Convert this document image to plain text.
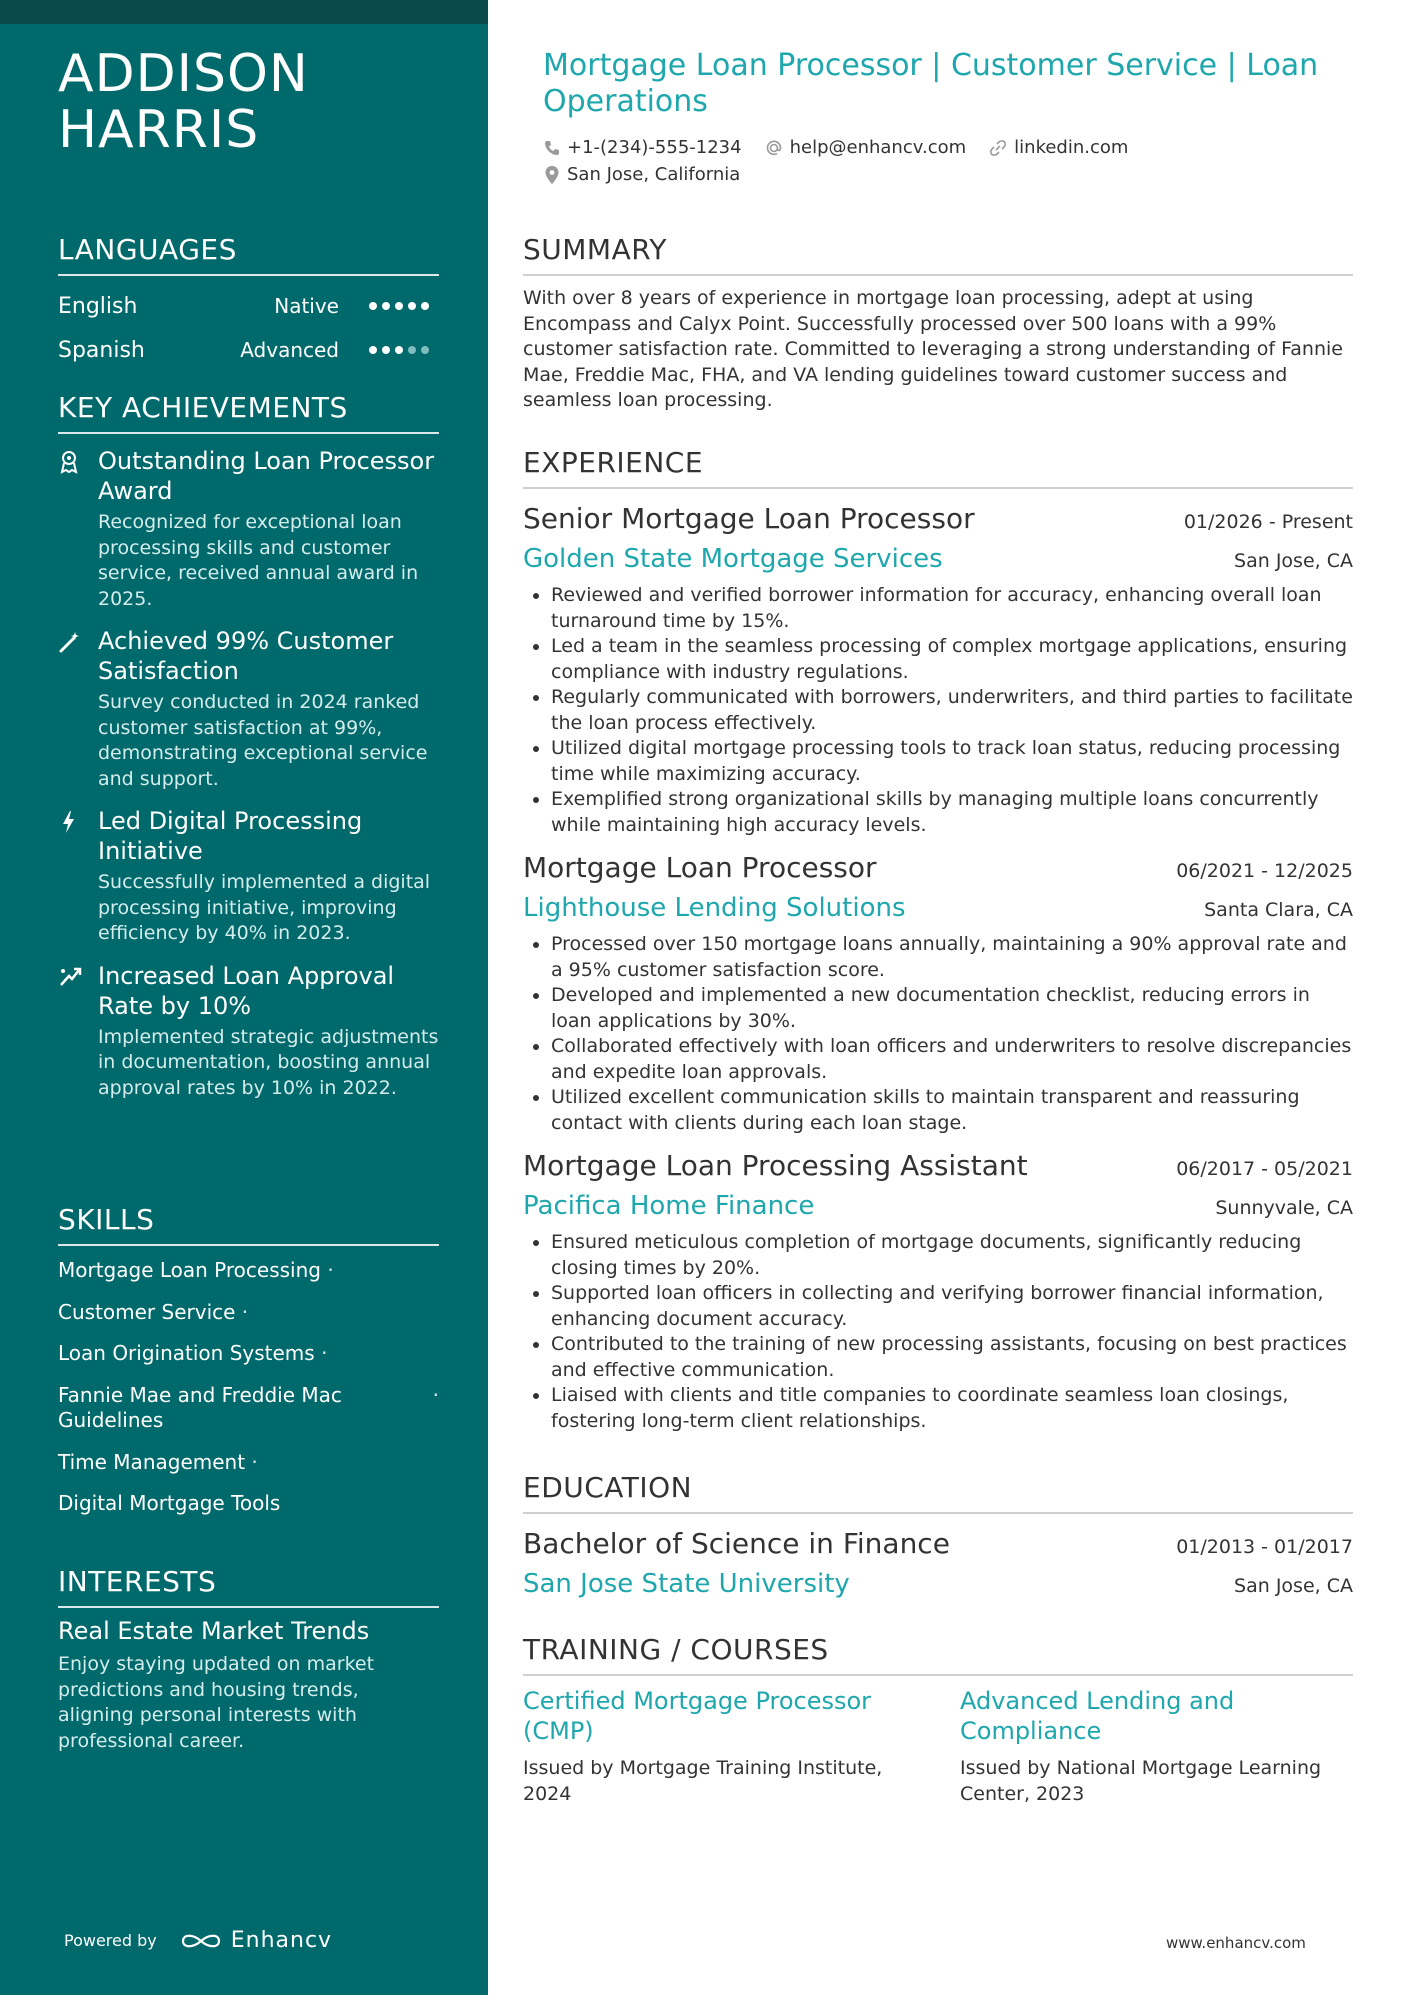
ADDISON
HARRIS
LANGUAGES
English	Native
Spanish	Advanced
KEY ACHIEVEMENTS
Outstanding Loan Processor Award
Recognized for exceptional loan processing skills and customer service, received annual award in 2025.
Achieved 99% Customer Satisfaction
Survey conducted in 2024 ranked customer satisfaction at 99%, demonstrating exceptional service and support.
Led Digital Processing Initiative
Successfully implemented a digital processing initiative, improving efficiency by 40% in 2023.
Increased Loan Approval Rate by 10%
Implemented strategic adjustments in documentation, boosting annual approval rates by 10% in 2022.
SKILLS
Mortgage Loan Processing ·
Customer Service ·
Loan Origination Systems ·
Fannie Mae and Freddie Mac Guidelines
·
Time Management ·
Digital Mortgage Tools
INTERESTS
Real Estate Market Trends
Enjoy staying updated on market predictions and housing trends, aligning personal interests with professional career.
Powered by	Enhancv
Mortgage Loan Processor | Customer Service | Loan Operations
+1-(234)-555-1234	help@enhancv.com	linkedin.com
San Jose, California
SUMMARY
With over 8 years of experience in mortgage loan processing, adept at using Encompass and Calyx Point. Successfully processed over 500 loans with a 99% customer satisfaction rate. Committed to leveraging a strong understanding of Fannie Mae, Freddie Mac, FHA, and VA lending guidelines toward customer success and seamless loan processing.
EXPERIENCE
Senior Mortgage Loan Processor	01/2026 - Present
Golden State Mortgage Services	San Jose, CA
• Reviewed and verified borrower information for accuracy, enhancing overall loan turnaround time by 15%.
• Led a team in the seamless processing of complex mortgage applications, ensuring compliance with industry regulations.
• Regularly communicated with borrowers, underwriters, and third parties to facilitate the loan process effectively.
• Utilized digital mortgage processing tools to track loan status, reducing processing time while maximizing accuracy.
• Exemplified strong organizational skills by managing multiple loans concurrently while maintaining high accuracy levels.
Mortgage Loan Processor	06/2021 - 12/2025
Lighthouse Lending Solutions	Santa Clara, CA
• Processed over 150 mortgage loans annually, maintaining a 90% approval rate and a 95% customer satisfaction score.
• Developed and implemented a new documentation checklist, reducing errors in loan applications by 30%.
• Collaborated effectively with loan officers and underwriters to resolve discrepancies and expedite loan approvals.
• Utilized excellent communication skills to maintain transparent and reassuring contact with clients during each loan stage.
Mortgage Loan Processing Assistant	06/2017 - 05/2021
Pacifica Home Finance	Sunnyvale, CA
• Ensured meticulous completion of mortgage documents, significantly reducing closing times by 20%.
• Supported loan officers in collecting and verifying borrower financial information, enhancing document accuracy.
• Contributed to the training of new processing assistants, focusing on best practices and effective communication.
• Liaised with clients and title companies to coordinate seamless loan closings, fostering long-term client relationships.
EDUCATION
Bachelor of Science in Finance	01/2013 - 01/2017
San Jose State University	San Jose, CA
TRAINING / COURSES
Certified Mortgage Processor (CMP)
Issued by Mortgage Training Institute, 2024
Advanced Lending and Compliance
Issued by National Mortgage Learning Center, 2023
www.enhancv.com
